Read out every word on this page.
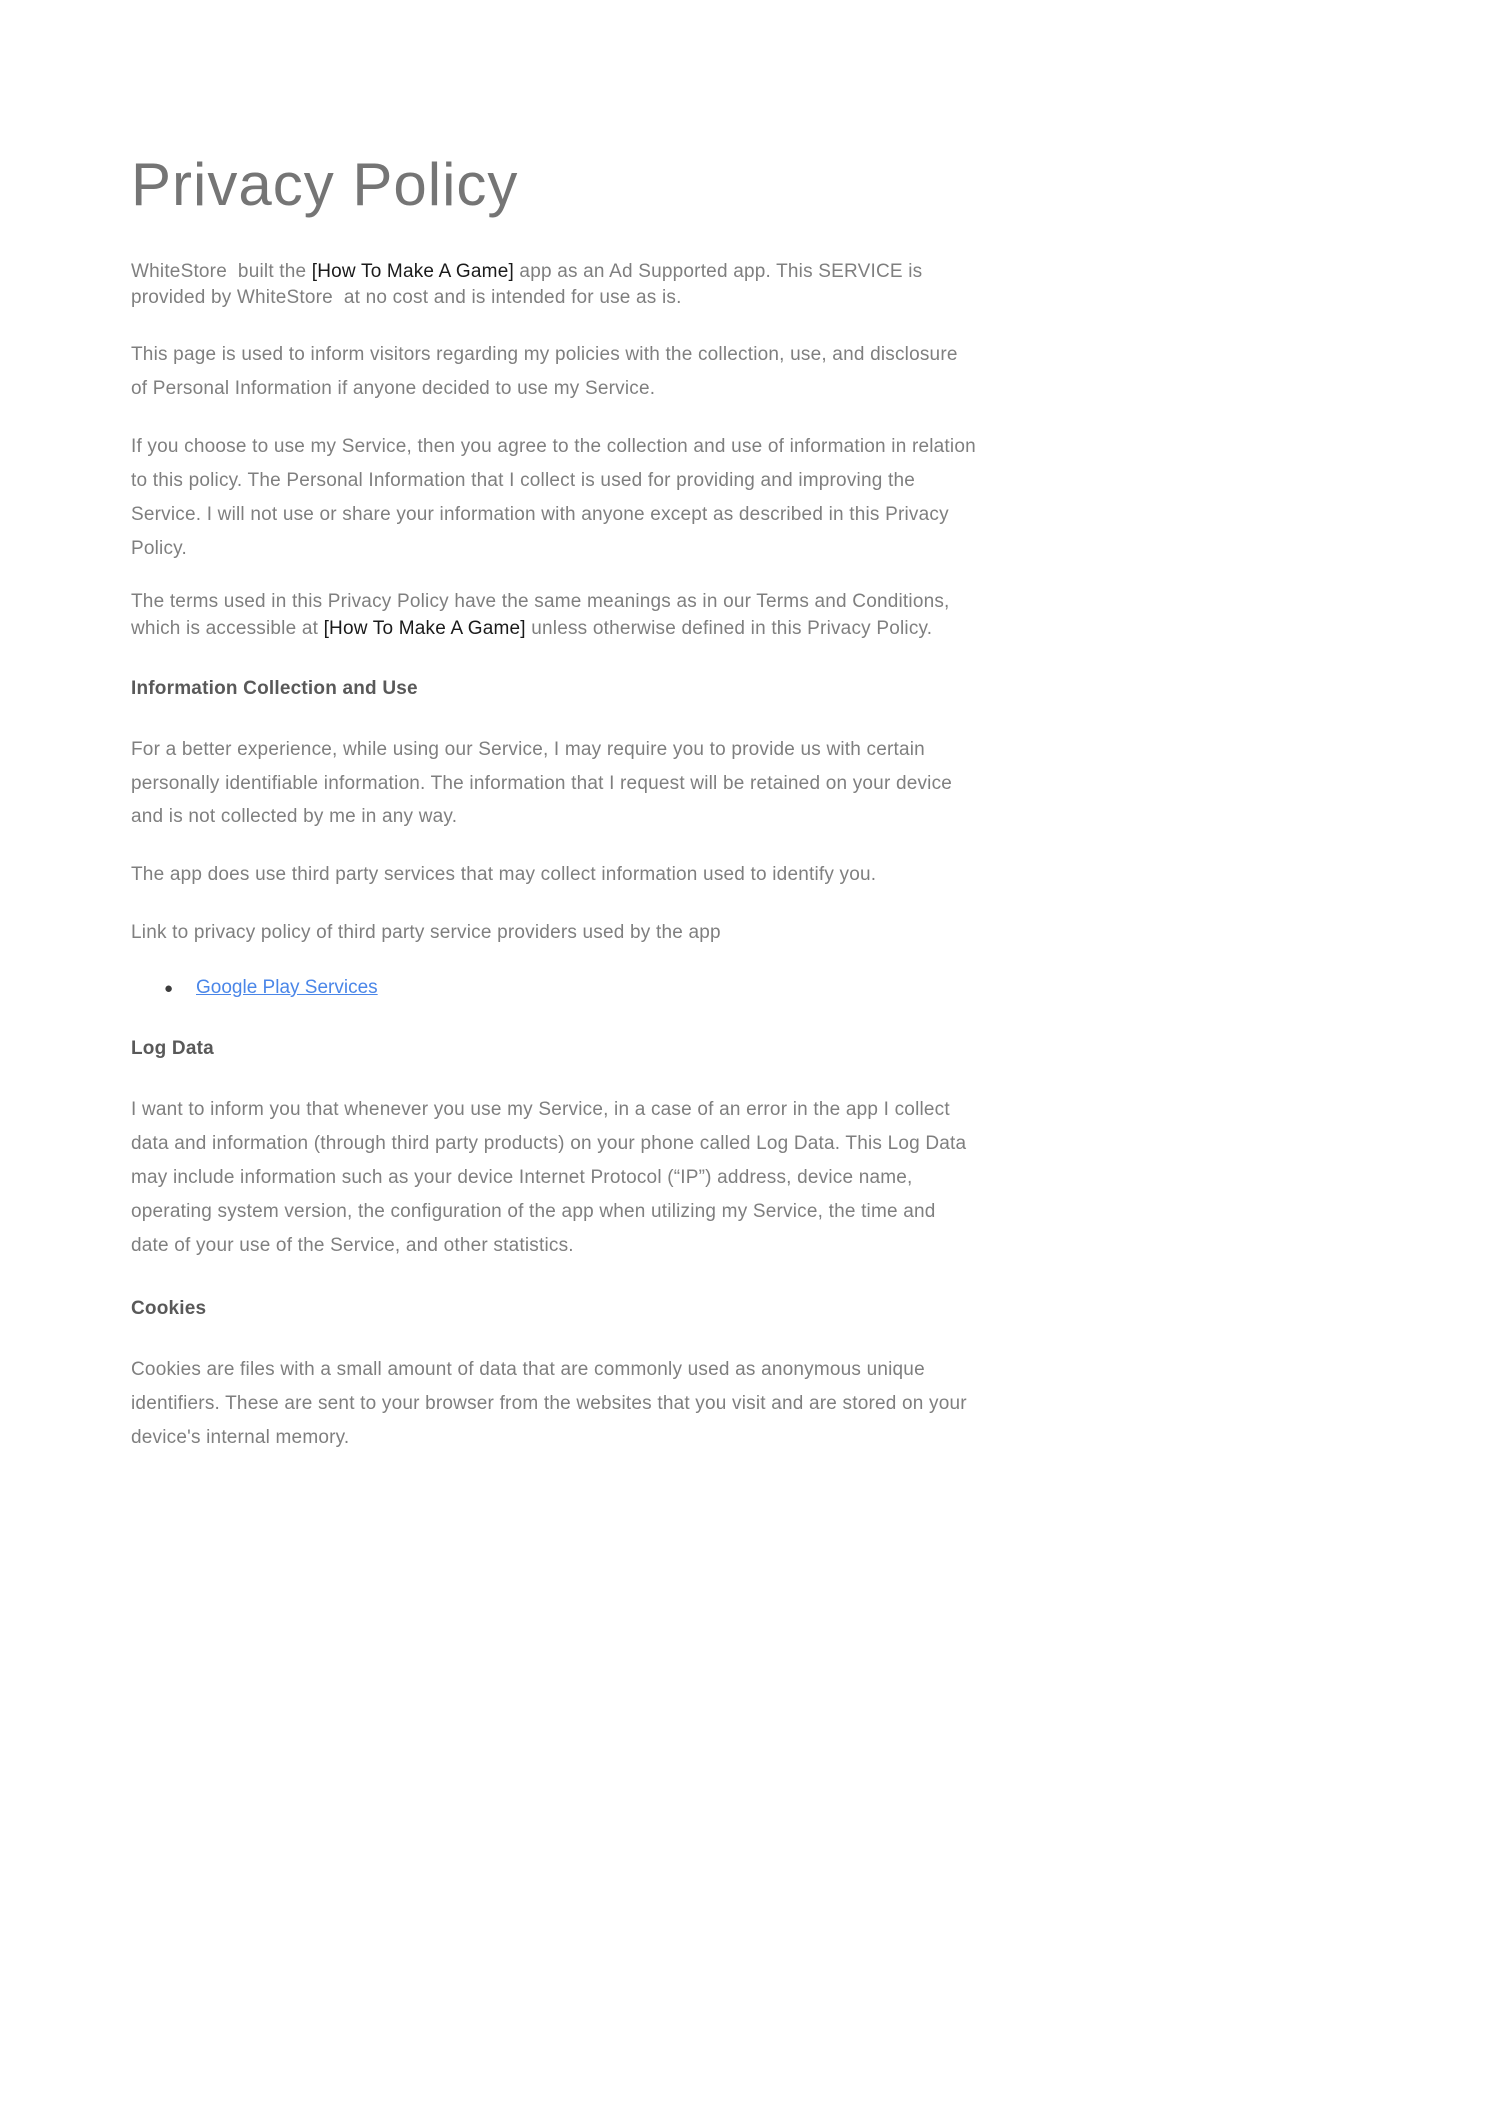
Privacy Policy

WhiteStore  built the [How To Make A Game] app as an Ad Supported app. This SERVICE is provided by WhiteStore  at no cost and is intended for use as is.

This page is used to inform visitors regarding my policies with the collection, use, and disclosure of Personal Information if anyone decided to use my Service.

If you choose to use my Service, then you agree to the collection and use of information in relation to this policy. The Personal Information that I collect is used for providing and improving the Service. I will not use or share your information with anyone except as described in this Privacy Policy.

The terms used in this Privacy Policy have the same meanings as in our Terms and Conditions, which is accessible at [How To Make A Game] unless otherwise defined in this Privacy Policy.

Information Collection and Use

For a better experience, while using our Service, I may require you to provide us with certain personally identifiable information. The information that I request will be retained on your device and is not collected by me in any way.

The app does use third party services that may collect information used to identify you.

Link to privacy policy of third party service providers used by the app

●	Google Play Services
Log Data

I want to inform you that whenever you use my Service, in a case of an error in the app I collect data and information (through third party products) on your phone called Log Data. This Log Data may include information such as your device Internet Protocol (“IP”) address, device name, operating system version, the configuration of the app when utilizing my Service, the time and date of your use of the Service, and other statistics.

Cookies

Cookies are files with a small amount of data that are commonly used as anonymous unique identifiers. These are sent to your browser from the websites that you visit and are stored on your device's internal memory.
